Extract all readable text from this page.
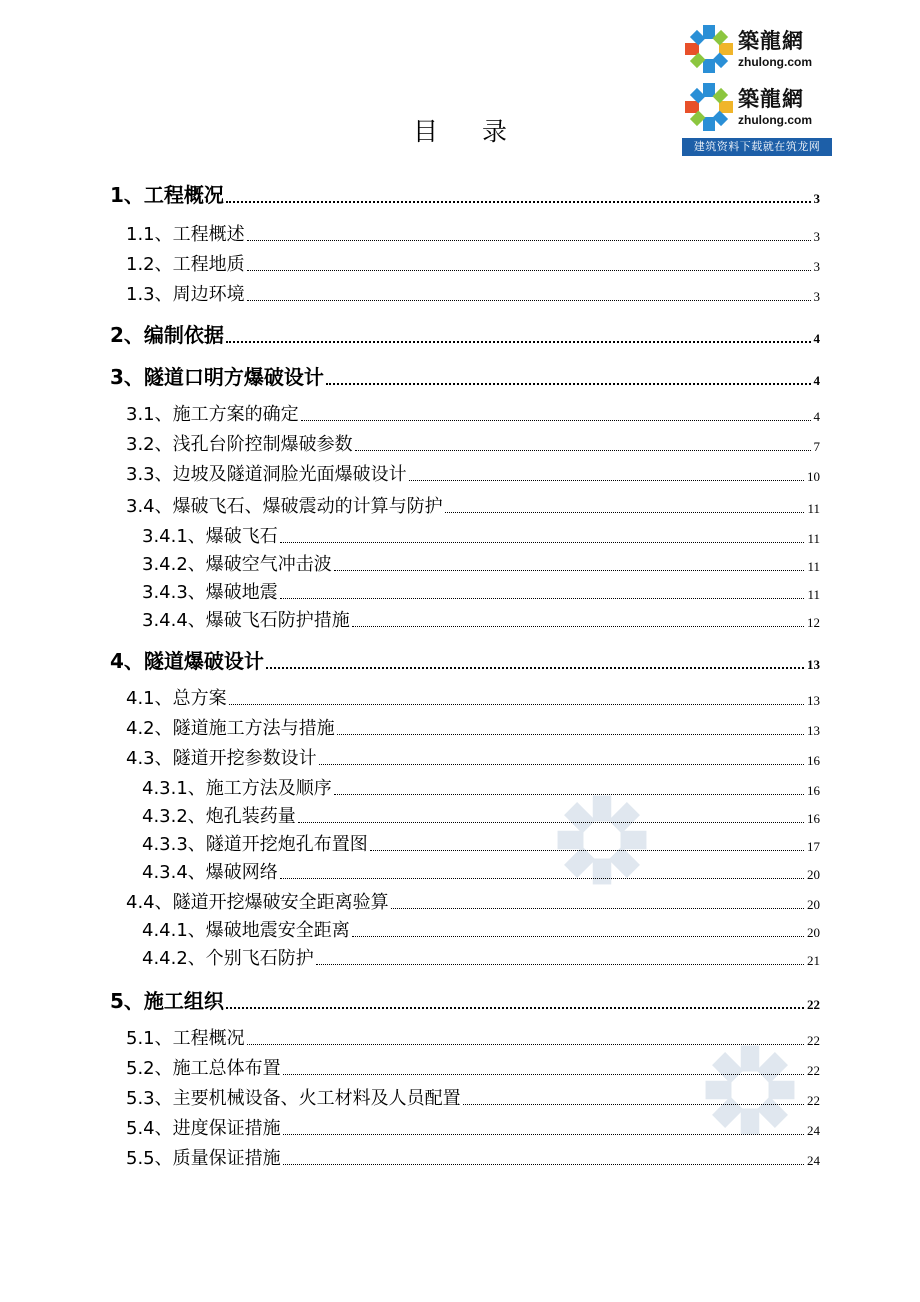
築龍網
zhulong.com
築龍網
zhulong.com
建筑资料下载就在筑龙网
目 录
1、工程概况	3
1.1、工程概述	3
1.2、工程地质	3
1.3、周边环境	3
2、编制依据	4
3、隧道口明方爆破设计	4
3.1、施工方案的确定	4
3.2、浅孔台阶控制爆破参数	7
3.3、边坡及隧道洞脸光面爆破设计	10
3.4、爆破飞石、爆破震动的计算与防护	11
3.4.1、爆破飞石	11
3.4.2、爆破空气冲击波	11
3.4.3、爆破地震	11
3.4.4、爆破飞石防护措施	12
4、隧道爆破设计	13
4.1、总方案	13
4.2、隧道施工方法与措施	13
4.3、隧道开挖参数设计	16
4.3.1、施工方法及顺序	16
4.3.2、炮孔装药量	16
4.3.3、隧道开挖炮孔布置图	17
4.3.4、爆破网络	20
4.4、隧道开挖爆破安全距离验算	20
4.4.1、爆破地震安全距离	20
4.4.2、个别飞石防护	21
5、施工组织	22
5.1、工程概况	22
5.2、施工总体布置	22
5.3、主要机械设备、火工材料及人员配置	22
5.4、进度保证措施	24
5.5、质量保证措施	24
